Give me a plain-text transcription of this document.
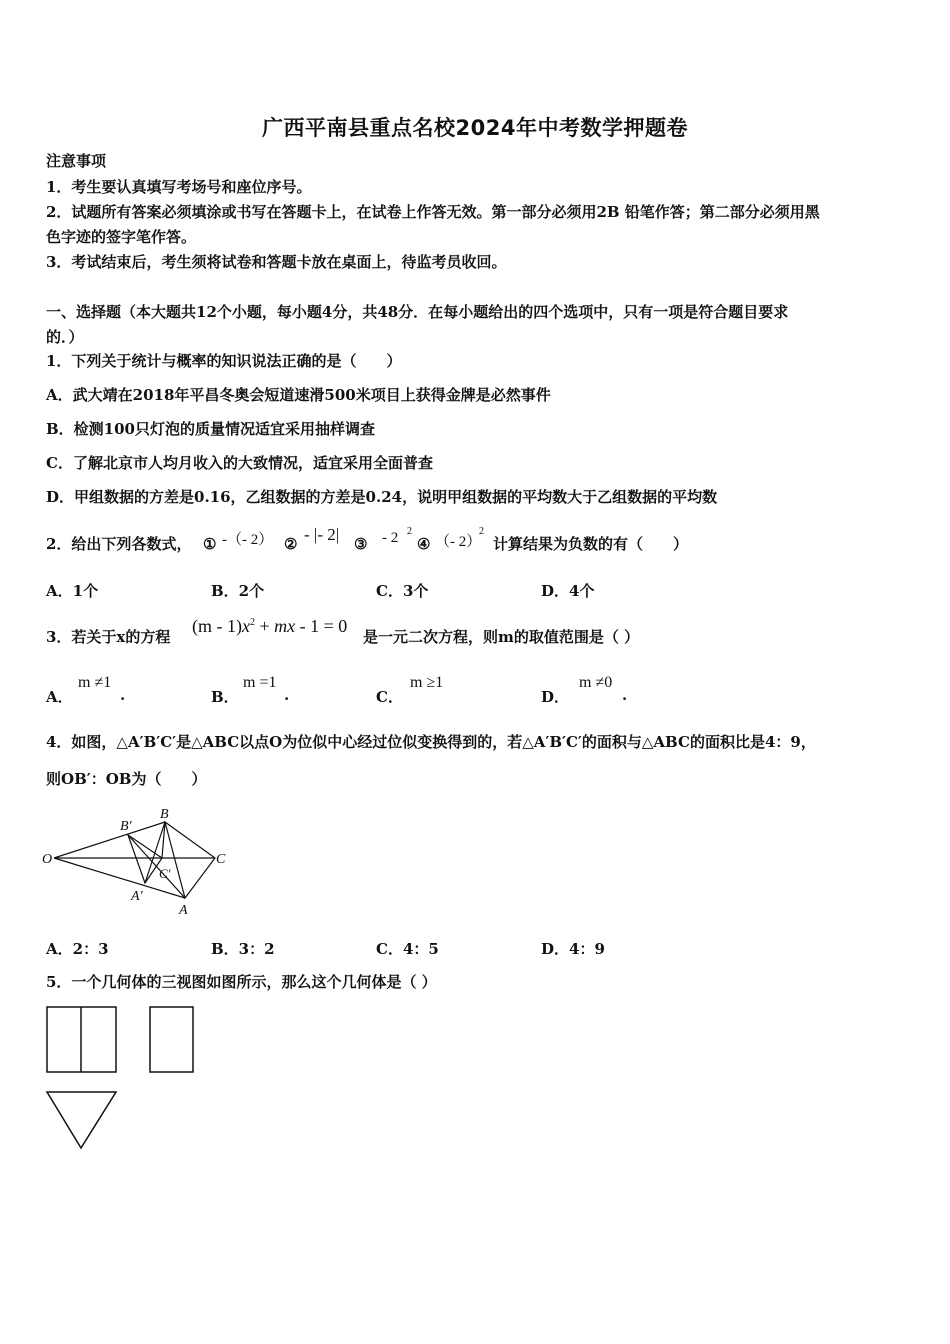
广西平南县重点名校2024年中考数学押题卷
注意事项
1．考生要认真填写考场号和座位序号。
2．试题所有答案必须填涂或书写在答题卡上，在试卷上作答无效。第一部分必须用2B 铅笔作答；第二部分必须用黑
色字迹的签字笔作答。
3．考试结束后，考生须将试卷和答题卡放在桌面上，待监考员收回。
一、选择题（本大题共12个小题，每小题4分，共48分．在每小题给出的四个选项中，只有一项是符合题目要求
的．）
1．下列关于统计与概率的知识说法正确的是（　　）
A．武大靖在2018年平昌冬奥会短道速滑500米项目上获得金牌是必然事件
B．检测100只灯泡的质量情况适宜采用抽样调查
C．了解北京市人均月收入的大致情况，适宜采用全面普查
D．甲组数据的方差是0.16，乙组数据的方差是0.24，说明甲组数据的平均数大于乙组数据的平均数
2．给出下列各数式， ① -（- 2） ② - |- 2| ③ - 2 2
④ （- 2）
2
计算结果为负数的有（　　）
A．1个	B．2个	C．3个	D．4个
3．若关于x的方程
$(m - 1)x^2$ + mx - 1 = 0
是一元二次方程，则m的取值范围是（ ）
A．
m ≠1
.	B．
m =1
.	C．
m ≥1
D．
m ≠0
.
4．如图，△A′B′C′是△ABC以点O为位似中心经过位似变换得到的，若△A′B′C′的面积与△ABC的面积比是4：9，
则OB′：OB为（　　）
O
B′
B
C
C′
A′
A
A．2：3	B．3：2	C．4：5	D．4：9
5．一个几何体的三视图如图所示，那么这个几何体是（ ）
